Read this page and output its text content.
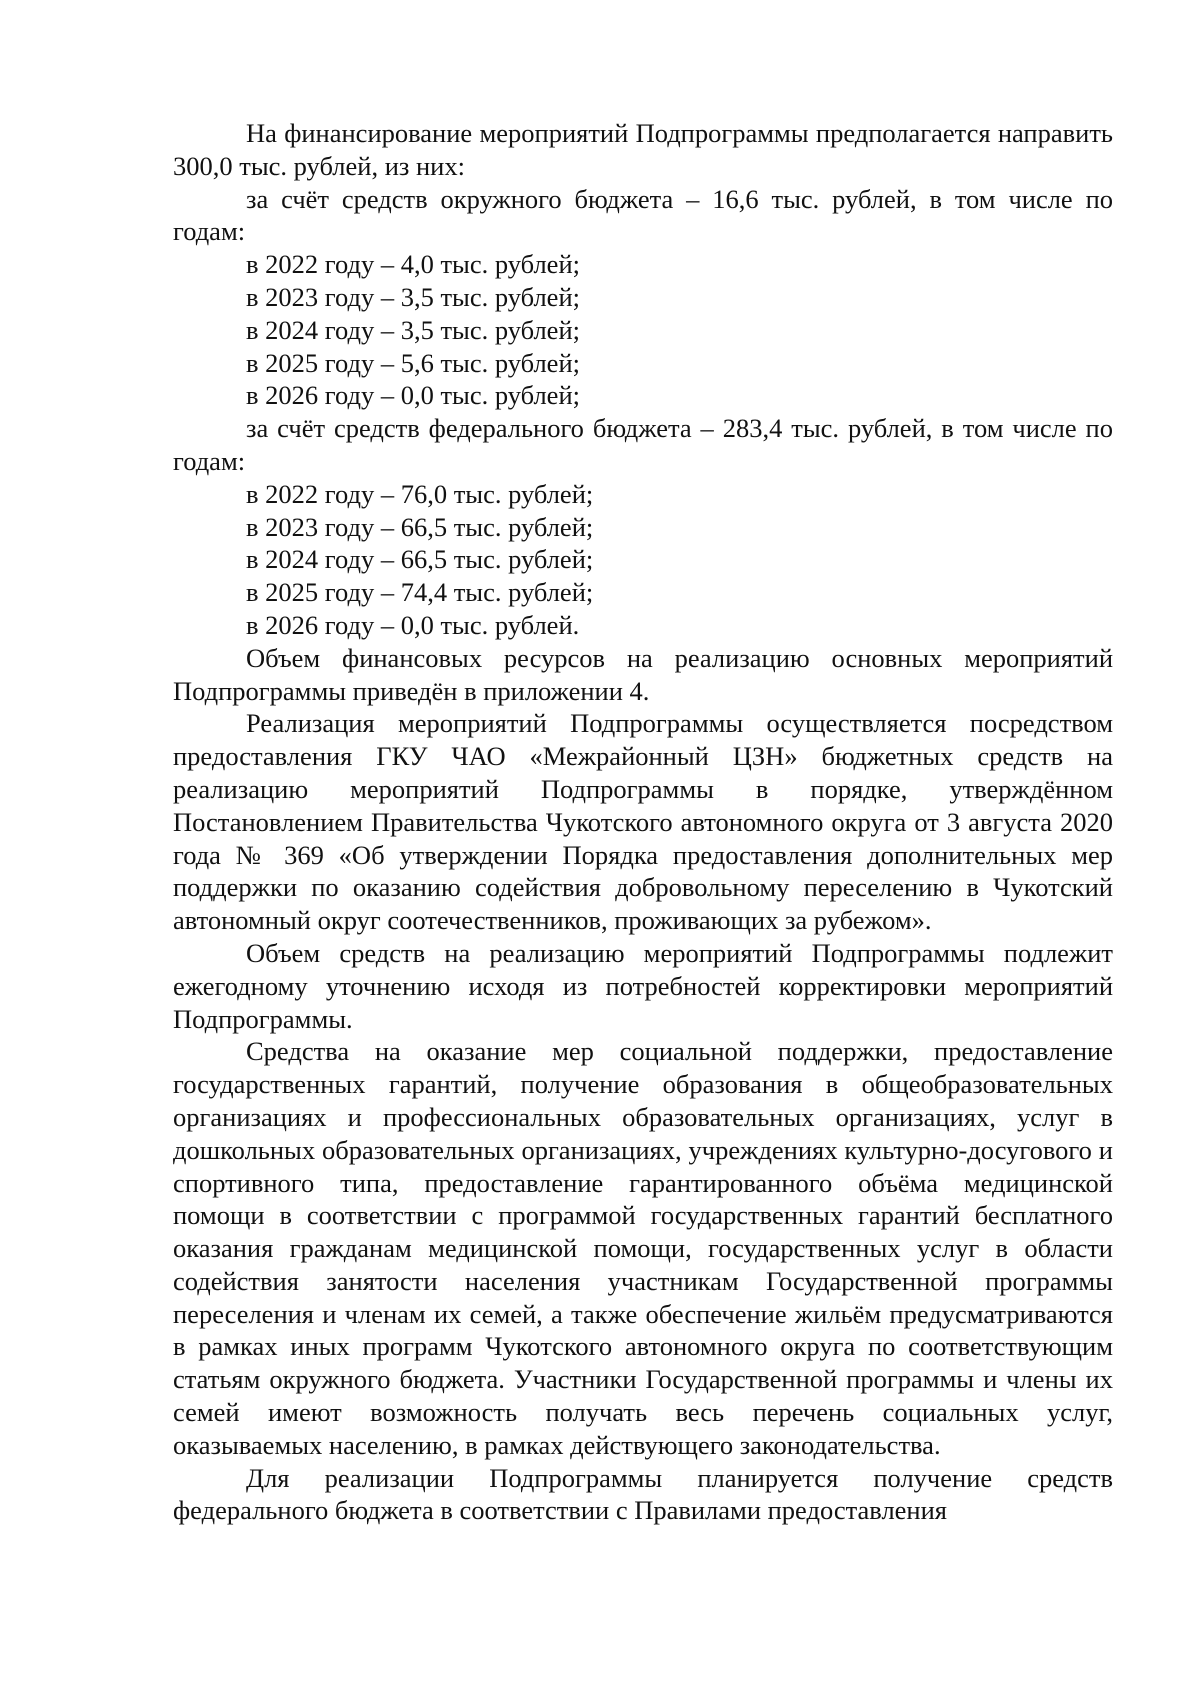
На финансирование мероприятий Подпрограммы предполагается направить 300,0 тыс. рублей, из них:

за счёт средств окружного бюджета – 16,6 тыс. рублей, в том числе по годам:

в 2022 году – 4,0 тыс. рублей;

в 2023 году – 3,5 тыс. рублей;

в 2024 году – 3,5 тыс. рублей;

в 2025 году – 5,6 тыс. рублей;

в 2026 году – 0,0 тыс. рублей;

за счёт средств федерального бюджета – 283,4 тыс. рублей, в том числе по годам:

в 2022 году – 76,0 тыс. рублей;

в 2023 году – 66,5 тыс. рублей;

в 2024 году – 66,5 тыс. рублей;

в 2025 году – 74,4 тыс. рублей;

в 2026 году – 0,0 тыс. рублей.

Объем финансовых ресурсов на реализацию основных мероприятий Подпрограммы приведён в приложении 4.

Реализация мероприятий Подпрограммы осуществляется посредством предоставления ГКУ ЧАО «Межрайонный ЦЗН» бюджетных средств на реализацию мероприятий Подпрограммы в порядке, утверждённом Постановлением Правительства Чукотского автономного округа от 3 августа 2020 года № 369 «Об утверждении Порядка предоставления дополнительных мер поддержки по оказанию содействия добровольному переселению в Чукотский автономный округ соотечественников, проживающих за рубежом».

Объем средств на реализацию мероприятий Подпрограммы подлежит ежегодному уточнению исходя из потребностей корректировки мероприятий Подпрограммы.

Средства на оказание мер социальной поддержки, предоставление государственных гарантий, получение образования в общеобразовательных организациях и профессиональных образовательных организациях, услуг в дошкольных образовательных организациях, учреждениях культурно-досугового и спортивного типа, предоставление гарантированного объёма медицинской помощи в соответствии с программой государственных гарантий бесплатного оказания гражданам медицинской помощи, государственных услуг в области содействия занятости населения участникам Государственной программы переселения и членам их семей, а также обеспечение жильём предусматриваются в рамках иных программ Чукотского автономного округа по соответствующим статьям окружного бюджета. Участники Государственной программы и члены их семей имеют возможность получать весь перечень социальных услуг, оказываемых населению, в рамках действующего законодательства.

Для реализации Подпрограммы планируется получение средств федерального бюджета в соответствии с Правилами предоставления
